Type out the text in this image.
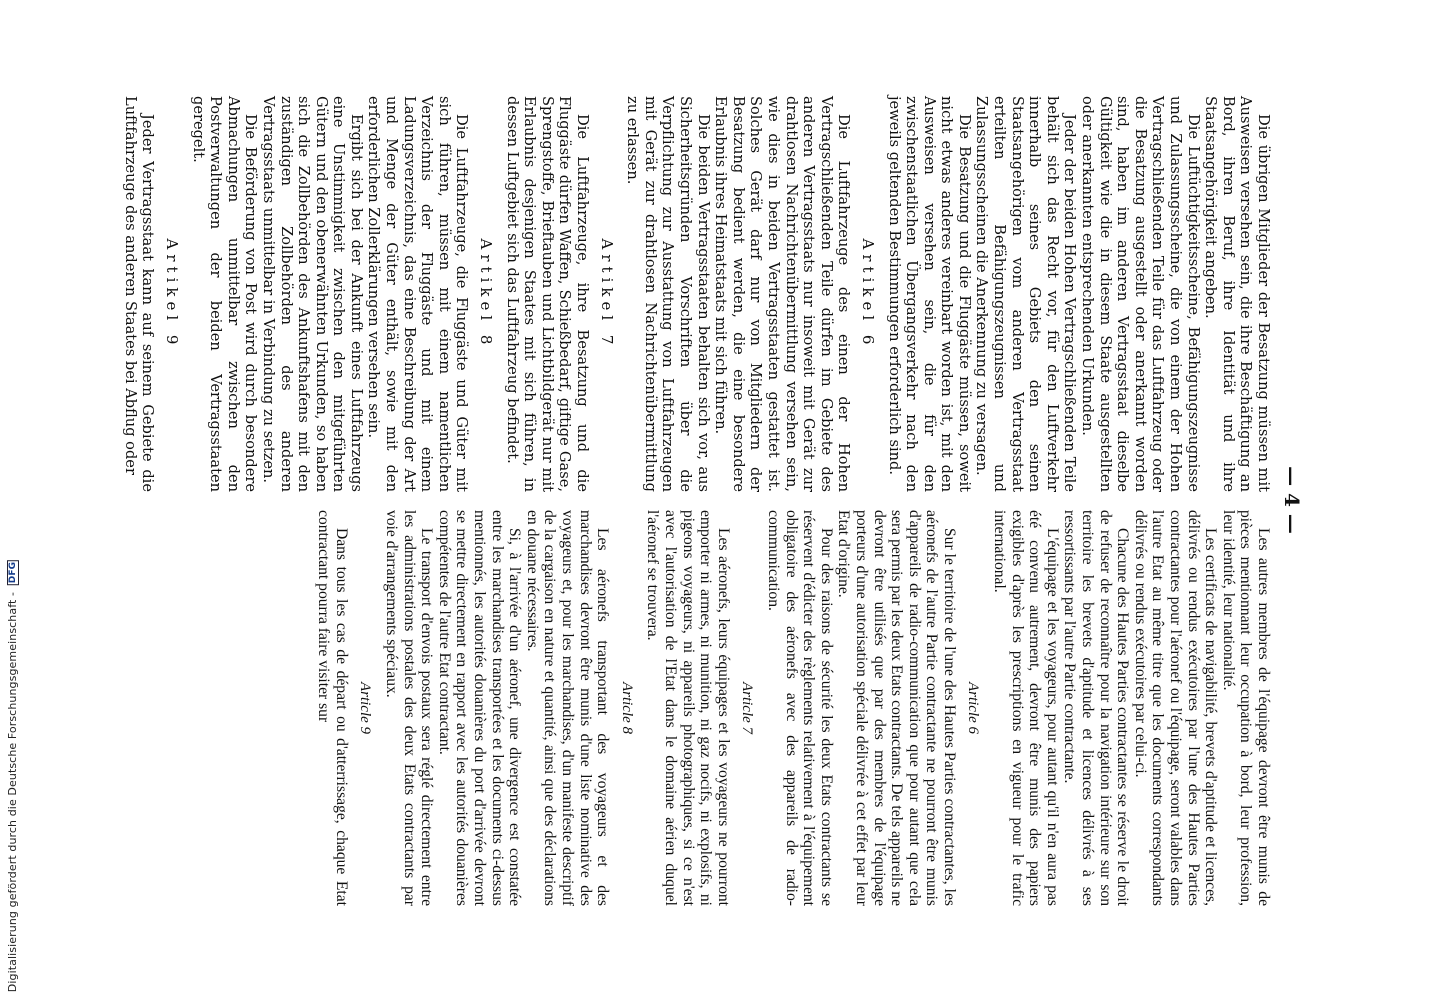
Digitalisierung gefördert durch die Deutsche Forschungsgemeinschaft - DFG
— 4 —

Die übrigen Mitglieder der Besatzung müssen mit Ausweisen versehen sein, die ihre Beschäftigung an Bord, ihren Beruf, ihre Identität und ihre Staatsangehörigkeit angeben.

Die Luftüchtigkeitsscheine, Befähigungszeugnisse und Zulassungsscheine, die von einem der Hohen Vertragschließenden Teile für das Luftfahrzeug oder die Besatzung ausgestellt oder anerkannt worden sind, haben im anderen Vertragsstaat dieselbe Gültigkeit wie die in diesem Staate ausgestellten oder anerkannten entsprechenden Urkunden.

Jeder der beiden Hohen Vertragschließenden Teile behält sich das Recht vor, für den Luftverkehr innerhalb seines Gebiets den seinen Staatsangehörigen vom anderen Vertragsstaat erteilten Befähigungszeugnissen und Zulassungsscheinen die Anerkennung zu versagen.

Die Besatzung und die Fluggäste müssen, soweit nicht etwas anderes vereinbart worden ist, mit den Ausweisen versehen sein, die für den zwischenstaatlichen Übergangsverkehr nach den jeweils geltenden Bestimmungen erforderlich sind.

Artikel 6

Die Luftfahrzeuge des einen der Hohen Vertragschließenden Teile dürfen im Gebiete des anderen Vertragsstaats nur insoweit mit Gerät zur drahtlosen Nachrichtenübermittlung versehen sein, wie dies in beiden Vertragsstaaten gestattet ist. Solches Gerät darf nur von Mitgliedern der Besatzung bedient werden, die eine besondere Erlaubnis ihres Heimatstaats mit sich führen.

Die beiden Vertragsstaaten behalten sich vor, aus Sicherheitsgründen Vorschriften über die Verpflichtung zur Ausstattung von Luftfahrzeugen mit Gerät zur drahtlosen Nachrichtenübermittlung zu erlassen.

Artikel 7

Die Luftfahrzeuge, ihre Besatzung und die Fluggäste dürfen Waffen, Schießbedarf, giftige Gase, Sprengstoffe, Brieftauben und Lichtbildgerät nur mit Erlaubnis desjenigen Staates mit sich führen, in dessen Luftgebiet sich das Luftfahrzeug befindet.

Artikel 8

Die Luftfahrzeuge, die Fluggäste und Güter mit sich führen, müssen mit einem namentlichen Verzeichnis der Fluggäste und mit einem Ladungsverzeichnis, das eine Beschreibung der Art und Menge der Güter enthält, sowie mit den erforderlichen Zollerklärungen versehen sein.

Ergibt sich bei der Ankunft eines Luftfahrzeugs eine Unstimmigkeit zwischen den mitgeführten Gütern und den obenerwähnten Urkunden, so haben sich die Zollbehörden des Ankunftshafens mit den zuständigen Zollbehörden des anderen Vertragsstaats unmittelbar in Verbindung zu setzen.

Die Beförderung von Post wird durch besondere Abmachungen unmittelbar zwischen den Postverwaltungen der beiden Vertragsstaaten geregelt.

Artikel 9

Jeder Vertragsstaat kann auf seinem Gebiete die Luftfahrzeuge des anderen Staates bei Abflug oder

Les autres membres de l'équipage devront être munis de pièces mentionnant leur occupation à bord, leur profession, leur identité, leur nationalité.

Les certificats de navigabilité, brevets d'aptitude et licences, délivrés ou rendus exécutoires par l'une des Hautes Parties contractantes pour l'aéronef ou l'équipage, seront valables dans l'autre Etat au même titre que les documents correspondants délivrés ou rendus exécutoires par celui-ci.

Chacune des Hautes Parties contractantes se réserve le droit de refuser de reconnaître pour la navigation intérieure sur son territoire les brevets d'aptitude et licences délivrés à ses ressortissants par l'autre Partie contractante.

L'équipage et les voyageurs, pour autant qu'il n'en aura pas été convenu autrement, devront être munis des papiers exigibles d'après les prescriptions en vigueur pour le trafic international.

Article 6

Sur le territoire de l'une des Hautes Parties contractantes, les aéronefs de l'autre Partie contractante ne pourront être munis d'appareils de radio-communication que pour autant que cela sera permis par les deux Etats contractants. De tels appareils ne devront être utilisés que par des membres de l'équipage porteurs d'une autorisation spéciale délivrée à cet effet par leur Etat d'origine.

Pour des raisons de sécurité les deux Etats contractants se réservent d'édicter des règlements relativement à l'équipement obligatoire des aéronefs avec des appareils de radio-communication.

Article 7

Les aéronefs, leurs équipages et les voyageurs ne pourront emporter ni armes, ni munition, ni gaz nocifs, ni explosifs, ni pigeons voyageurs, ni appareils photographiques, si ce n'est avec l'autorisation de l'Etat dans le domaine aérien duquel l'aéronef se trouvera.

Article 8

Les aéronefs transportant des voyageurs et des marchandises devront être munis d'une liste nominative des voyageurs et, pour les marchandises, d'un manifeste descriptif de la cargaison en nature et quantité, ainsi que des déclarations en douane nécessaires.

Si, à l'arrivée d'un aéronef, une divergence est constatée entre les marchandises transportées et les documents ci-dessus mentionnés, les autorités douanières du port d'arrivée devront se mettre directement en rapport avec les autorités douanières compétentes de l'autre Etat contractant.

Le transport d'envois postaux sera réglé directement entre les administrations postales des deux Etats contractants par voie d'arrangements spéciaux.

Article 9

Dans tous les cas de départ ou d'atterrissage, chaque Etat contractant pourra faire visiter sur
